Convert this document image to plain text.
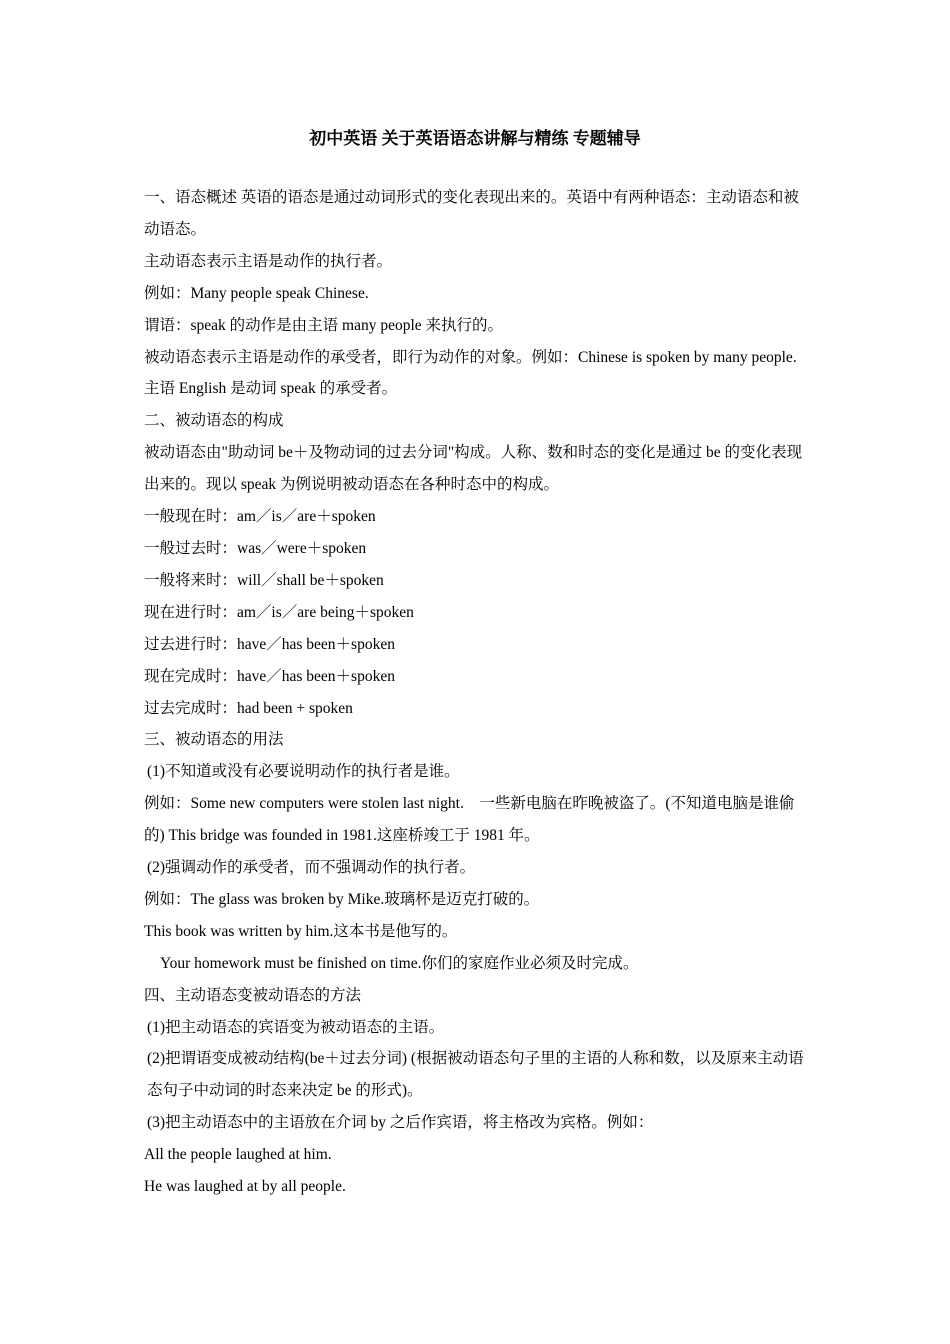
初中英语 关于英语语态讲解与精练 专题辅导

一、语态概述 英语的语态是通过动词形式的变化表现出来的。英语中有两种语态：主动语态和被动语态。

主动语态表示主语是动作的执行者。

例如：Many people speak Chinese.

谓语：speak 的动作是由主语 many people 来执行的。

被动语态表示主语是动作的承受者，即行为动作的对象。例如：Chinese is spoken by many people.主语 English 是动词 speak 的承受者。

二、被动语态的构成

被动语态由"助动词 be＋及物动词的过去分词"构成。人称、数和时态的变化是通过 be 的变化表现出来的。现以 speak 为例说明被动语态在各种时态中的构成。

一般现在时：am／is／are＋spoken

一般过去时：was／were＋spoken

一般将来时：will／shall be＋spoken

现在进行时：am／is／are being＋spoken

过去进行时：have／has been＋spoken

现在完成时：have／has been＋spoken

过去完成时：had been + spoken

三、被动语态的用法

(1)不知道或没有必要说明动作的执行者是谁。

例如：Some new computers were stolen last night.　一些新电脑在昨晚被盗了。(不知道电脑是谁偷的) This bridge was founded in 1981.这座桥竣工于 1981 年。

(2)强调动作的承受者，而不强调动作的执行者。

例如：The glass was broken by Mike.玻璃杯是迈克打破的。

This book was written by him.这本书是他写的。

Your homework must be finished on time.你们的家庭作业必须及时完成。

四、主动语态变被动语态的方法

(1)把主动语态的宾语变为被动语态的主语。

(2)把谓语变成被动结构(be＋过去分词) (根据被动语态句子里的主语的人称和数，以及原来主动语态句子中动词的时态来决定 be 的形式)。

(3)把主动语态中的主语放在介词 by 之后作宾语，将主格改为宾格。例如：

All the people laughed at him.

He was laughed at by all people.
